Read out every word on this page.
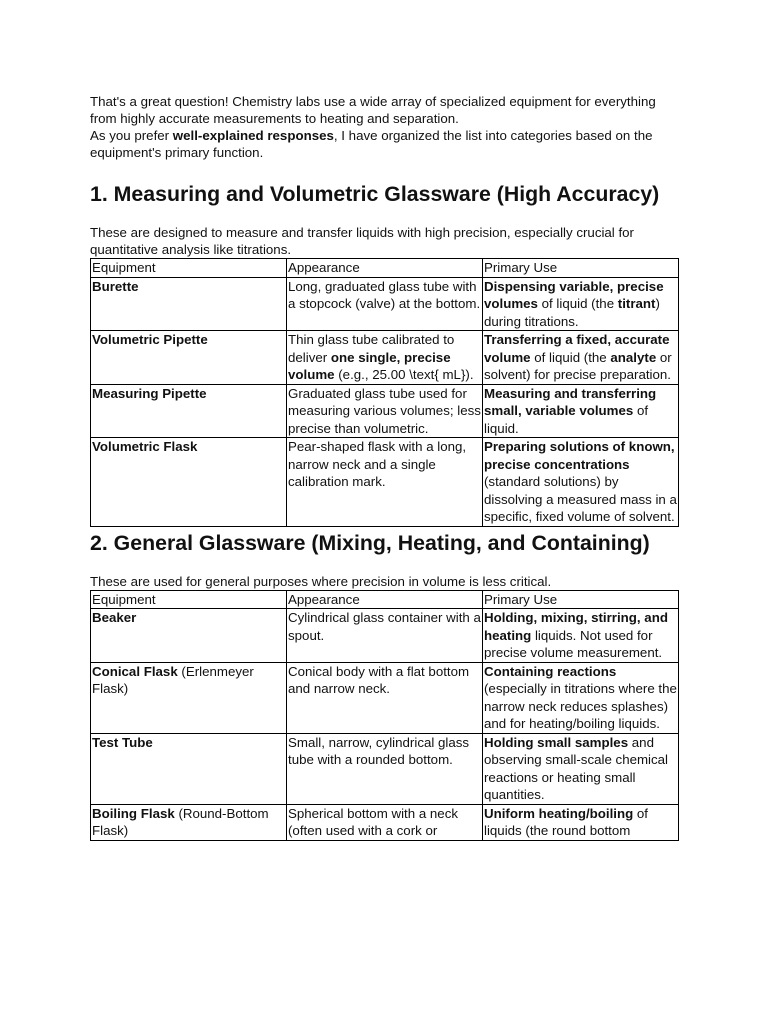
That's a great question! Chemistry labs use a wide array of specialized equipment for everything from highly accurate measurements to heating and separation.

As you prefer well-explained responses, I have organized the list into categories based on the equipment's primary function.

1. Measuring and Volumetric Glassware (High Accuracy)

These are designed to measure and transfer liquids with high precision, especially crucial for quantitative analysis like titrations.

Equipment	Appearance	Primary Use
Burette	Long, graduated glass tube with a stopcock (valve) at the bottom.	Dispensing variable, precise volumes of liquid (the titrant) during titrations.
Volumetric Pipette	Thin glass tube calibrated to deliver one single, precise volume (e.g., 25.00 \text{ mL}).	Transferring a fixed, accurate volume of liquid (the analyte or solvent) for precise preparation.
Measuring Pipette	Graduated glass tube used for measuring various volumes; less precise than volumetric.	Measuring and transferring small, variable volumes of liquid.
Volumetric Flask	Pear-shaped flask with a long, narrow neck and a single calibration mark.	Preparing solutions of known, precise concentrations (standard solutions) by dissolving a measured mass in a specific, fixed volume of solvent.
2. General Glassware (Mixing, Heating, and Containing)

These are used for general purposes where precision in volume is less critical.

Equipment	Appearance	Primary Use
Beaker	Cylindrical glass container with a spout.	Holding, mixing, stirring, and heating liquids. Not used for precise volume measurement.
Conical Flask (Erlenmeyer Flask)	Conical body with a flat bottom and narrow neck.	Containing reactions (especially in titrations where the narrow neck reduces splashes) and for heating/boiling liquids.
Test Tube	Small, narrow, cylindrical glass tube with a rounded bottom.	Holding small samples and observing small-scale chemical reactions or heating small quantities.
Boiling Flask (Round-Bottom Flask)	Spherical bottom with a neck (often used with a cork or	Uniform heating/boiling of liquids (the round bottom
